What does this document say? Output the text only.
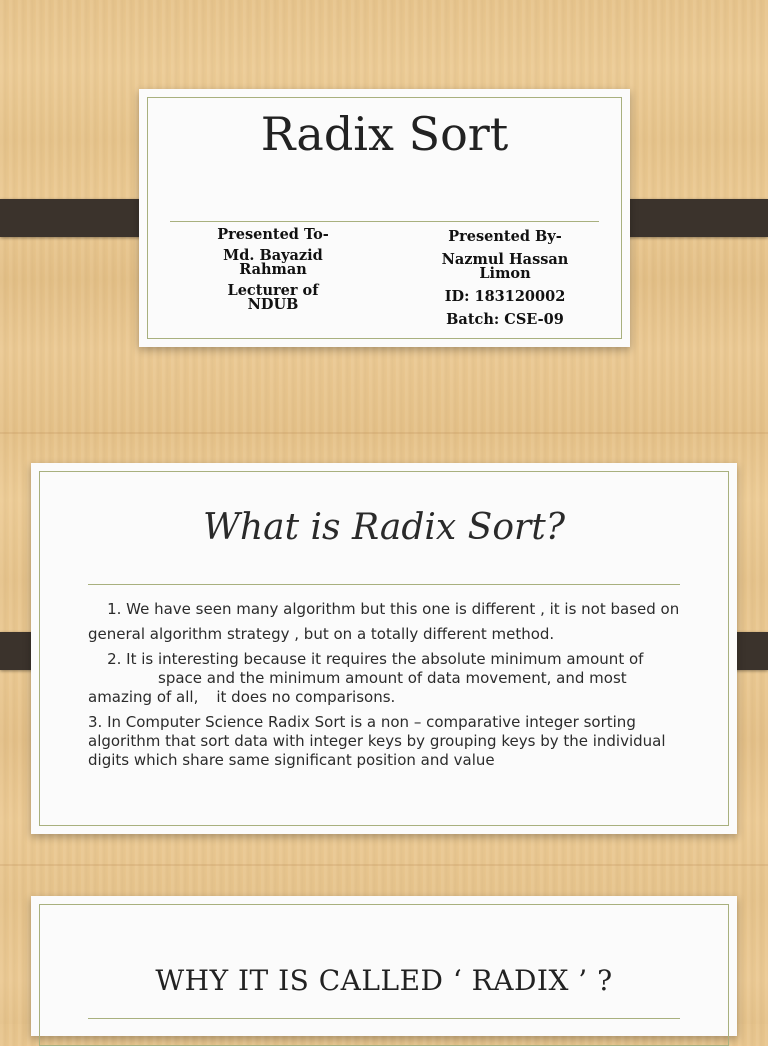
Radix Sort

Presented To-

Md. Bayazid Rahman

Lecturer of NDUB

Presented By-

Nazmul Hassan Limon

ID: 183120002

Batch: CSE-09

What is Radix Sort?

1. We have seen many algorithm but this one is different , it is not based on

general algorithm strategy , but on a totally different method.

2. It is interesting because it requires the absolute minimum amount ofspace and the minimum amount of data movement, and most amazing of all, it does no comparisons.

3. In Computer Science Radix Sort is a non – comparative integer sorting algorithm that sort data with integer keys by grouping keys by the individual digits which share same significant position and value

WHY IT IS CALLED ‘ RADIX ’ ?
